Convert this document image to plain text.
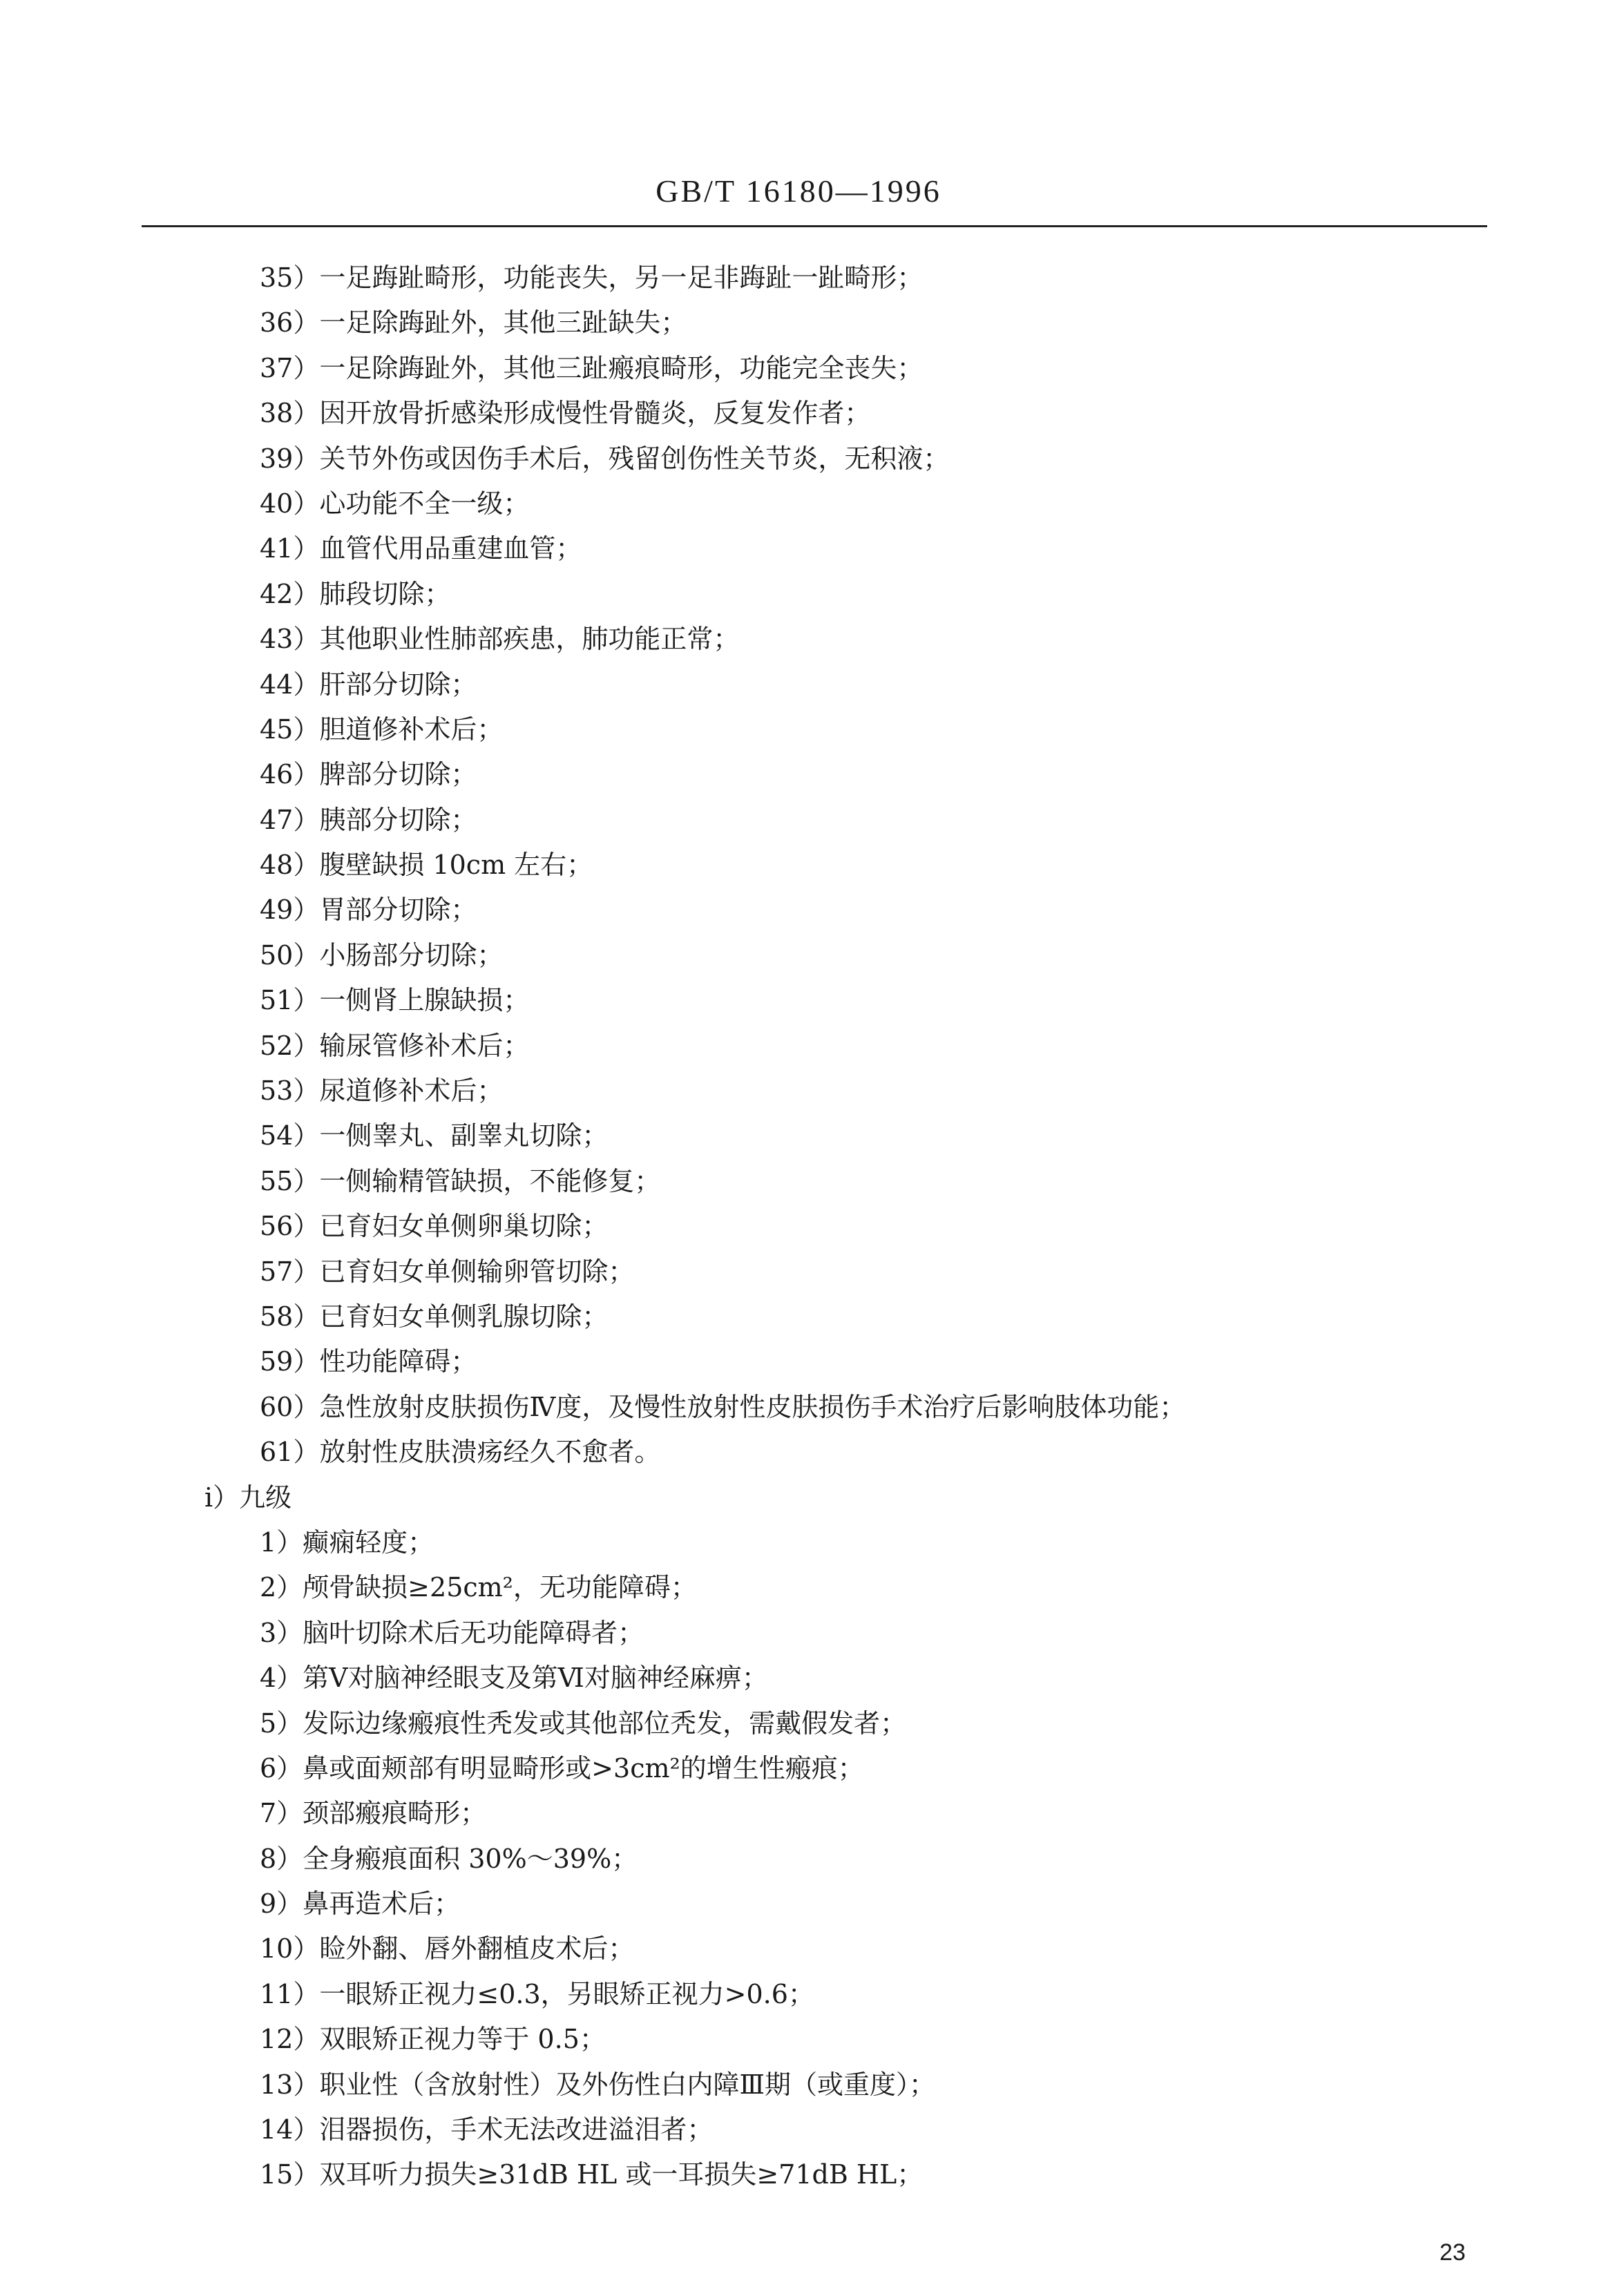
GB/T 16180—1996
35）一足踇趾畸形，功能丧失，另一足非踇趾一趾畸形；
36）一足除踇趾外，其他三趾缺失；
37）一足除踇趾外，其他三趾瘢痕畸形，功能完全丧失；
38）因开放骨折感染形成慢性骨髓炎，反复发作者；
39）关节外伤或因伤手术后，残留创伤性关节炎，无积液；
40）心功能不全一级；
41）血管代用品重建血管；
42）肺段切除；
43）其他职业性肺部疾患，肺功能正常；
44）肝部分切除；
45）胆道修补术后；
46）脾部分切除；
47）胰部分切除；
48）腹壁缺损 10cm 左右；
49）胃部分切除；
50）小肠部分切除；
51）一侧肾上腺缺损；
52）输尿管修补术后；
53）尿道修补术后；
54）一侧睾丸、副睾丸切除；
55）一侧输精管缺损，不能修复；
56）已育妇女单侧卵巢切除；
57）已育妇女单侧输卵管切除；
58）已育妇女单侧乳腺切除；
59）性功能障碍；
60）急性放射皮肤损伤Ⅳ度，及慢性放射性皮肤损伤手术治疗后影响肢体功能；
61）放射性皮肤溃疡经久不愈者。
i）九级
1）癫痫轻度；
2）颅骨缺损≥25cm²，无功能障碍；
3）脑叶切除术后无功能障碍者；
4）第Ⅴ对脑神经眼支及第Ⅵ对脑神经麻痹；
5）发际边缘瘢痕性秃发或其他部位秃发，需戴假发者；
6）鼻或面颊部有明显畸形或>3cm²的增生性瘢痕；
7）颈部瘢痕畸形；
8）全身瘢痕面积 30%～39%；
9）鼻再造术后；
10）睑外翻、唇外翻植皮术后；
11）一眼矫正视力≤0.3，另眼矫正视力>0.6；
12）双眼矫正视力等于 0.5；
13）职业性（含放射性）及外伤性白内障Ⅲ期（或重度）；
14）泪器损伤，手术无法改进溢泪者；
15）双耳听力损失≥31dB HL 或一耳损失≥71dB HL；
23
